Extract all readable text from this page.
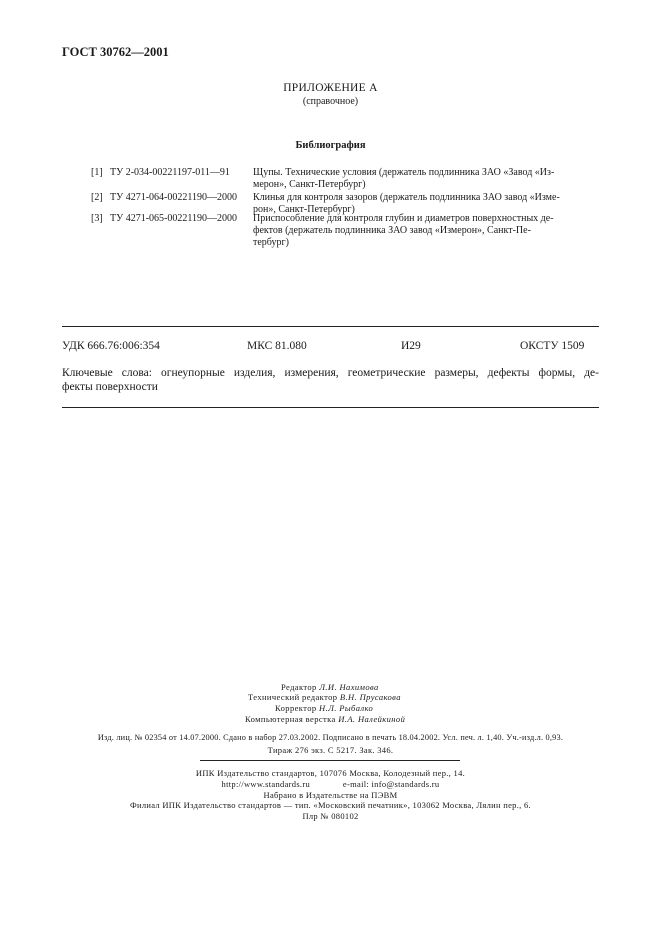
ГОСТ 30762—2001
ПРИЛОЖЕНИЕ А
(справочное)
Библиография
[1] ТУ 2-034-00221197-011—91 Щупы. Технические условия (держатель подлинника ЗАО «Завод «Из-
мерон», Санкт-Петербург)
[2] ТУ 4271-064-00221190—2000 Клинья для контроля зазоров (держатель подлинника ЗАО завод «Измe-
рон», Санкт-Петербург)
[3] ТУ 4271-065-00221190—2000 Приспособление для контроля глубин и диаметров поверхностных де-
фектов (держатель подлинника ЗАО завод «Измерон», Санкт-Пе-
тербург)
УДК 666.76:006:354	МКС 81.080	И29	ОКСТУ 1509
Ключевые слова: огнеупорные изделия, измерения, геометрические размеры, дефекты формы, де-
фекты поверхности
Редактор Л.И. Нахимова
Технический редактор В.Н. Прусакова
Корректор Н.Л. Рыбалко
Компьютерная верстка И.А. Налейкиной
Изд. лиц. № 02354 от 14.07.2000. Сдано в набор 27.03.2002. Подписано в печать 18.04.2002. Усл. печ. л. 1,40. Уч.-изд.л. 0,93.
Тираж 276 экз. С 5217. Зак. 346.
ИПК Издательство стандартов, 107076 Москва, Колодезный пер., 14.
http://www.standards.ru	e-mail: info@standards.ru
Набрано в Издательстве на ПЭВМ
Филиал ИПК Издательство стандартов — тип. «Московский печатник», 103062 Москва, Лялин пер., 6.
Плр № 080102
